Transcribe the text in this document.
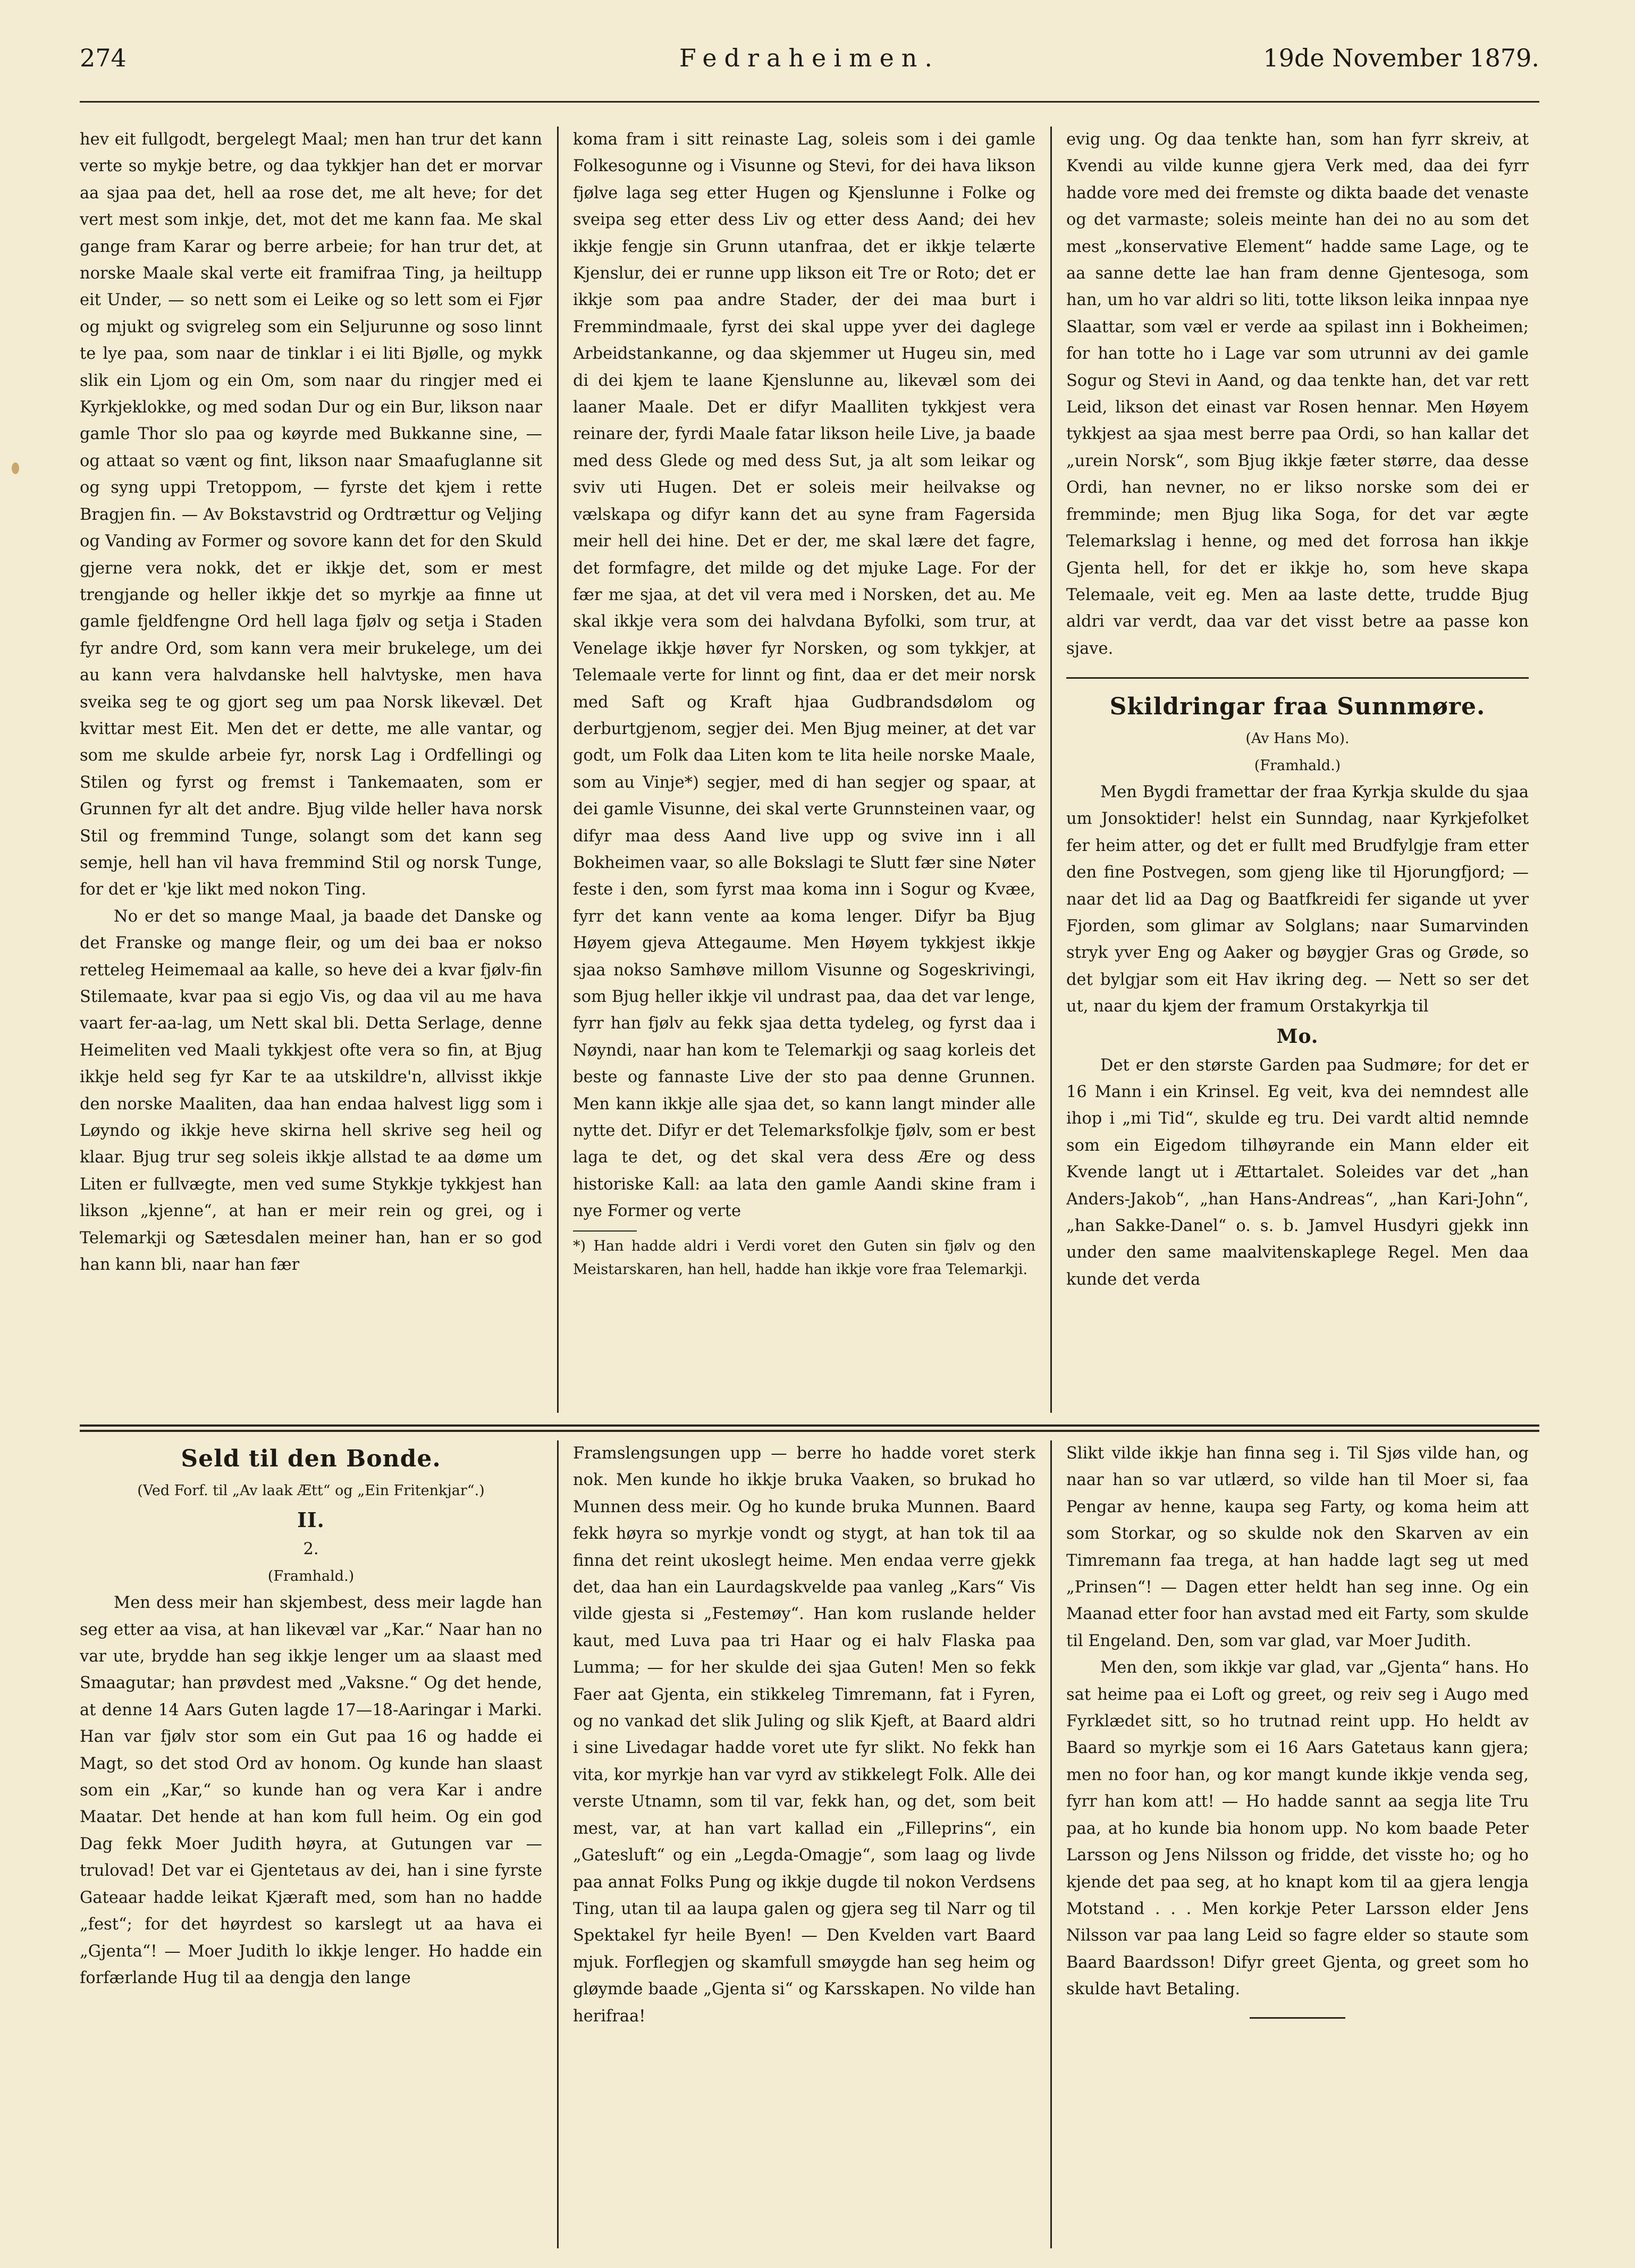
274	Fedraheimen.	19de November 1879.

hev eit fullgodt, bergelegt Maal; men han trur det kann verte so mykje betre, og daa tykkjer han det er morvar aa sjaa paa det, hell aa rose det, me alt heve; for det vert mest som inkje, det, mot det me kann faa. Me skal gange fram Karar og berre arbeie; for han trur det, at norske Maale skal verte eit framifraa Ting, ja heiltupp eit Under, — so nett som ei Leike og so lett som ei Fjør og mjukt og svigreleg som ein Seljurunne og soso linnt te lye paa, som naar de tinklar i ei liti Bjølle, og mykk slik ein Ljom og ein Om, som naar du ringjer med ei Kyrkjeklokke, og med sodan Dur og ein Bur, likson naar gamle Thor slo paa og køyrde med Bukkanne sine, — og attaat so vænt og fint, likson naar Smaafuglanne sit og syng uppi Tretoppom, — fyrste det kjem i rette Bragjen fin. — Av Bokstavstrid og Ordtrættur og Veljing og Vanding av Former og sovore kann det for den Skuld gjerne vera nokk, det er ikkje det, som er mest trengjande og heller ikkje det so myrkje aa finne ut gamle fjeldfengne Ord hell laga fjølv og setja i Staden fyr andre Ord, som kann vera meir brukelege, um dei au kann vera halvdanske hell halvtyske, men hava sveika seg te og gjort seg um paa Norsk likevæl. Det kvittar mest Eit. Men det er dette, me alle vantar, og som me skulde arbeie fyr, norsk Lag i Ordfellingi og Stilen og fyrst og fremst i Tankemaaten, som er Grunnen fyr alt det andre. Bjug vilde heller hava norsk Stil og fremmind Tunge, solangt som det kann seg semje, hell han vil hava fremmind Stil og norsk Tunge, for det er 'kje likt med nokon Ting.

No er det so mange Maal, ja baade det Danske og det Franske og mange fleir, og um dei baa er nokso retteleg Heimemaal aa kalle, so heve dei a kvar fjølv-fin Stilemaate, kvar paa si egjo Vis, og daa vil au me hava vaart fer-aa-lag, um Nett skal bli. Detta Serlage, denne Heimeliten ved Maali tykkjest ofte vera so fin, at Bjug ikkje held seg fyr Kar te aa utskildre'n, allvisst ikkje den norske Maaliten, daa han endaa halvest ligg som i Løyndo og ikkje heve skirna hell skrive seg heil og klaar. Bjug trur seg soleis ikkje allstad te aa døme um Liten er fullvægte, men ved sume Stykkje tykkjest han likson „kjenne“, at han er meir rein og grei, og i Telemarkji og Sætesdalen meiner han, han er so god han kann bli, naar han fær

koma fram i sitt reinaste Lag, soleis som i dei gamle Folkesogunne og i Visunne og Stevi, for dei hava likson fjølve laga seg etter Hugen og Kjenslunne i Folke og sveipa seg etter dess Liv og etter dess Aand; dei hev ikkje fengje sin Grunn utanfraa, det er ikkje telærte Kjenslur, dei er runne upp likson eit Tre or Roto; det er ikkje som paa andre Stader, der dei maa burt i Fremmindmaale, fyrst dei skal uppe yver dei daglege Arbeidstankanne, og daa skjemmer ut Hugeu sin, med di dei kjem te laane Kjenslunne au, likevæl som dei laaner Maale. Det er difyr Maalliten tykkjest vera reinare der, fyrdi Maale fatar likson heile Live, ja baade med dess Glede og med dess Sut, ja alt som leikar og sviv uti Hugen. Det er soleis meir heilvakse og vælskapa og difyr kann det au syne fram Fagersida meir hell dei hine. Det er der, me skal lære det fagre, det formfagre, det milde og det mjuke Lage. For der fær me sjaa, at det vil vera med i Norsken, det au. Me skal ikkje vera som dei halvdana Byfolki, som trur, at Venelage ikkje høver fyr Norsken, og som tykkjer, at Telemaale verte for linnt og fint, daa er det meir norsk med Saft og Kraft hjaa Gudbrandsdølom og derburtgjenom, segjer dei. Men Bjug meiner, at det var godt, um Folk daa Liten kom te lita heile norske Maale, som au Vinje*) segjer, med di han segjer og spaar, at dei gamle Visunne, dei skal verte Grunnsteinen vaar, og difyr maa dess Aand live upp og svive inn i all Bokheimen vaar, so alle Bokslagi te Slutt fær sine Nøter feste i den, som fyrst maa koma inn i Sogur og Kvæe, fyrr det kann vente aa koma lenger. Difyr ba Bjug Høyem gjeva Attegaume. Men Høyem tykkjest ikkje sjaa nokso Samhøve millom Visunne og Sogeskrivingi, som Bjug heller ikkje vil undrast paa, daa det var lenge, fyrr han fjølv au fekk sjaa detta tydeleg, og fyrst daa i Nøyndi, naar han kom te Telemarkji og saag korleis det beste og fannaste Live der sto paa denne Grunnen. Men kann ikkje alle sjaa det, so kann langt minder alle nytte det. Difyr er det Telemarksfolkje fjølv, som er best laga te det, og det skal vera dess Ære og dess historiske Kall: aa lata den gamle Aandi skine fram i nye Former og verte

*) Han hadde aldri i Verdi voret den Guten sin fjølv og den Meistarskaren, han hell, hadde han ikkje vore fraa Telemarkji.

evig ung. Og daa tenkte han, som han fyrr skreiv, at Kvendi au vilde kunne gjera Verk med, daa dei fyrr hadde vore med dei fremste og dikta baade det venaste og det varmaste; soleis meinte han dei no au som det mest „konservative Element“ hadde same Lage, og te aa sanne dette lae han fram denne Gjentesoga, som han, um ho var aldri so liti, totte likson leika innpaa nye Slaattar, som væl er verde aa spilast inn i Bokheimen; for han totte ho i Lage var som utrunni av dei gamle Sogur og Stevi in Aand, og daa tenkte han, det var rett Leid, likson det einast var Rosen hennar. Men Høyem tykkjest aa sjaa mest berre paa Ordi, so han kallar det „urein Norsk“, som Bjug ikkje fæter større, daa desse Ordi, han nevner, no er likso norske som dei er fremminde; men Bjug lika Soga, for det var ægte Telemarkslag i henne, og med det forrosa han ikkje Gjenta hell, for det er ikkje ho, som heve skapa Telemaale, veit eg. Men aa laste dette, trudde Bjug aldri var verdt, daa var det visst betre aa passe kon sjave.

Skildringar fraa Sunnmøre.
(Av Hans Mo).
(Framhald.)

Men Bygdi framettar der fraa Kyrkja skulde du sjaa um Jonsoktider! helst ein Sunndag, naar Kyrkjefolket fer heim atter, og det er fullt med Brudfylgje fram etter den fine Postvegen, som gjeng like til Hjorungfjord; — naar det lid aa Dag og Baatfkreidi fer sigande ut yver Fjorden, som glimar av Solglans; naar Sumarvinden stryk yver Eng og Aaker og bøygjer Gras og Grøde, so det bylgjar som eit Hav ikring deg. — Nett so ser det ut, naar du kjem der framum Orstakyrkja til

Mo.

Det er den største Garden paa Sudmøre; for det er 16 Mann i ein Krinsel. Eg veit, kva dei nemndest alle ihop i „mi Tid“, skulde eg tru. Dei vardt altid nemnde som ein Eigedom tilhøyrande ein Mann elder eit Kvende langt ut i Ættartalet. Soleides var det „han Anders-Jakob“, „han Hans-Andreas“, „han Kari-John“, „han Sakke-Danel“ o. s. b. Jamvel Husdyri gjekk inn under den same maalvitenskaplege Regel. Men daa kunde det verda

Seld til den Bonde.
(Ved Forf. til „Av laak Ætt“ og „Ein Fritenkjar“.)
II.
2.
(Framhald.)

Men dess meir han skjembest, dess meir lagde han seg etter aa visa, at han likevæl var „Kar.“ Naar han no var ute, brydde han seg ikkje lenger um aa slaast med Smaagutar; han prøvdest med „Vaksne.“ Og det hende, at denne 14 Aars Guten lagde 17—18-Aaringar i Marki. Han var fjølv stor som ein Gut paa 16 og hadde ei Magt, so det stod Ord av honom. Og kunde han slaast som ein „Kar,“ so kunde han og vera Kar i andre Maatar. Det hende at han kom full heim. Og ein god Dag fekk Moer Judith høyra, at Gutungen var — trulovad! Det var ei Gjentetaus av dei, han i sine fyrste Gateaar hadde leikat Kjæraft med, som han no hadde „fest“; for det høyrdest so karslegt ut aa hava ei „Gjenta“! — Moer Judith lo ikkje lenger. Ho hadde ein forfærlande Hug til aa dengja den lange

Framslengsungen upp — berre ho hadde voret sterk nok. Men kunde ho ikkje bruka Vaaken, so brukad ho Munnen dess meir. Og ho kunde bruka Munnen. Baard fekk høyra so myrkje vondt og stygt, at han tok til aa finna det reint ukoslegt heime. Men endaa verre gjekk det, daa han ein Laurdagskvelde paa vanleg „Kars“ Vis vilde gjesta si „Festemøy“. Han kom ruslande helder kaut, med Luva paa tri Haar og ei halv Flaska paa Lumma; — for her skulde dei sjaa Guten! Men so fekk Faer aat Gjenta, ein stikkeleg Timremann, fat i Fyren, og no vankad det slik Juling og slik Kjeft, at Baard aldri i sine Livedagar hadde voret ute fyr slikt. No fekk han vita, kor myrkje han var vyrd av stikkelegt Folk. Alle dei verste Utnamn, som til var, fekk han, og det, som beit mest, var, at han vart kallad ein „Filleprins“, ein „Gatesluft“ og ein „Legda-Omagje“, som laag og livde paa annat Folks Pung og ikkje dugde til nokon Verdsens Ting, utan til aa laupa galen og gjera seg til Narr og til Spektakel fyr heile Byen! — Den Kvelden vart Baard mjuk. Forflegjen og skamfull smøygde han seg heim og gløymde baade „Gjenta si“ og Karsskapen. No vilde han herifraa!

Slikt vilde ikkje han finna seg i. Til Sjøs vilde han, og naar han so var utlærd, so vilde han til Moer si, faa Pengar av henne, kaupa seg Farty, og koma heim att som Storkar, og so skulde nok den Skarven av ein Timremann faa trega, at han hadde lagt seg ut med „Prinsen“! — Dagen etter heldt han seg inne. Og ein Maanad etter foor han avstad med eit Farty, som skulde til Engeland. Den, som var glad, var Moer Judith.

Men den, som ikkje var glad, var „Gjenta“ hans. Ho sat heime paa ei Loft og greet, og reiv seg i Augo med Fyrklædet sitt, so ho trutnad reint upp. Ho heldt av Baard so myrkje som ei 16 Aars Gatetaus kann gjera; men no foor han, og kor mangt kunde ikkje venda seg, fyrr han kom att! — Ho hadde sannt aa segja lite Tru paa, at ho kunde bia honom upp. No kom baade Peter Larsson og Jens Nilsson og fridde, det visste ho; og ho kjende det paa seg, at ho knapt kom til aa gjera lengja Motstand . . . Men korkje Peter Larsson elder Jens Nilsson var paa lang Leid so fagre elder so staute som Baard Baardsson! Difyr greet Gjenta, og greet som ho skulde havt Betaling.
